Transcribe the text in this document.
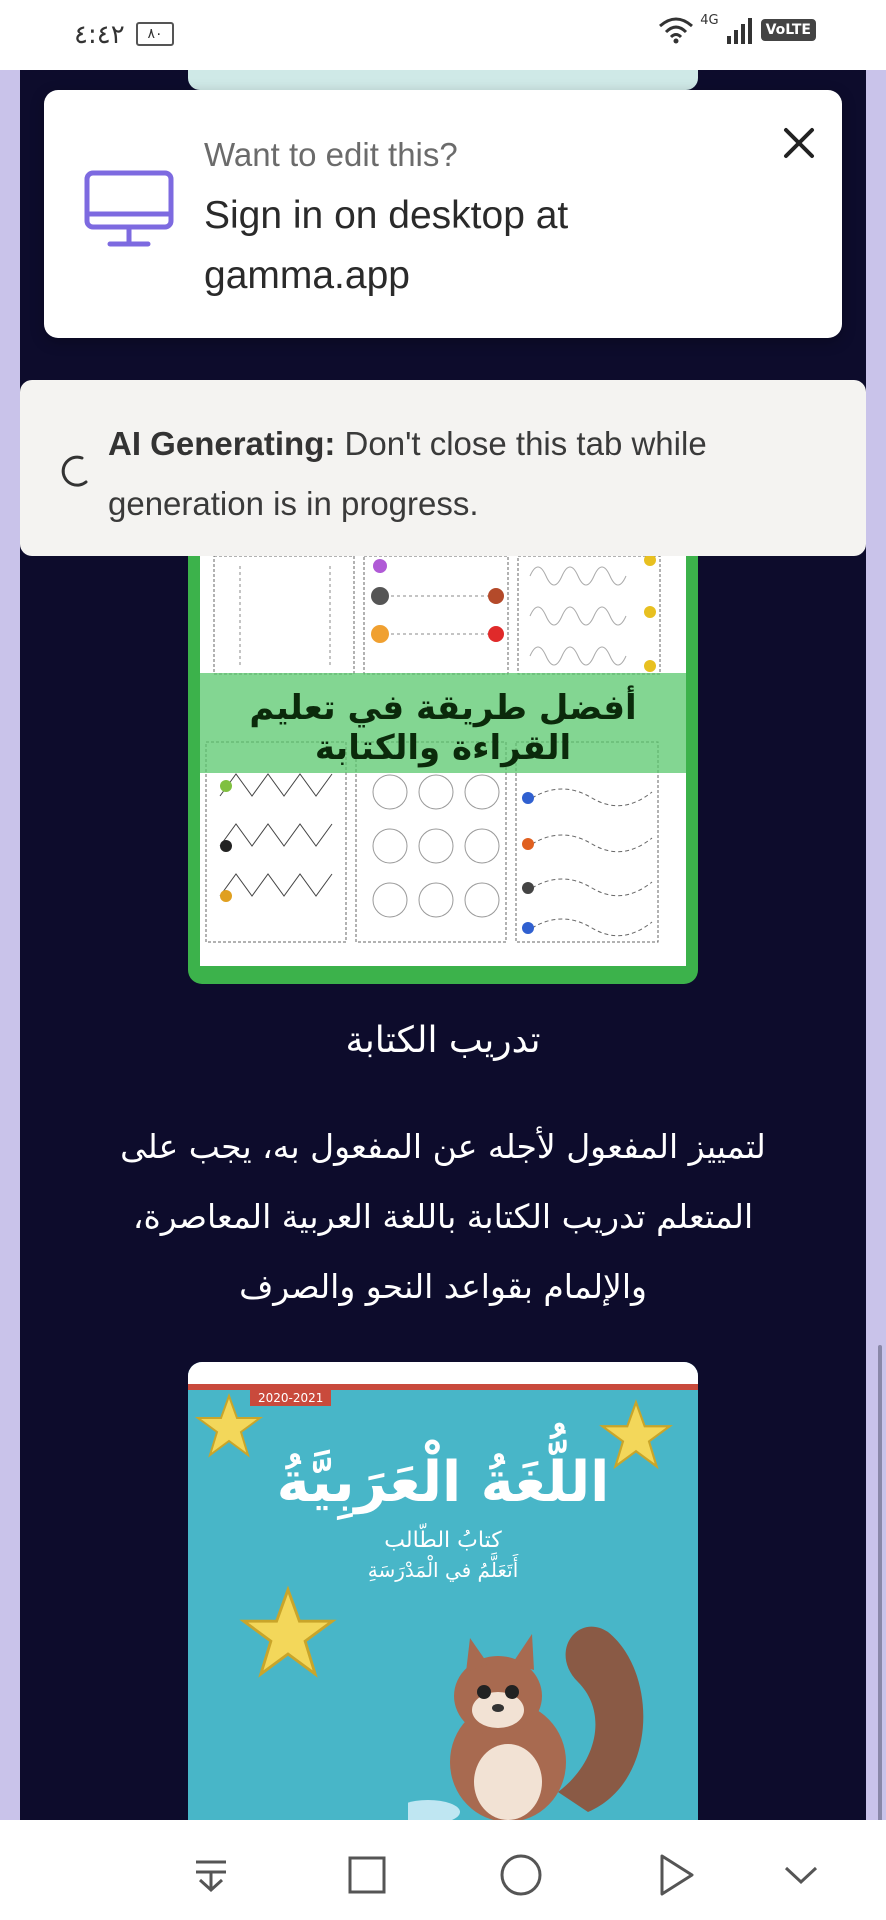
٤:٤٢	٨٠
4G
VoLTE
Want to edit this?
Sign in on desktop at gamma.app
AI Generating: Don't close this tab while generation is in progress.
أفضل طريقة في تعليم القراءة والكتابة
تدريب الكتابة
لتمييز المفعول لأجله عن المفعول به، يجب على المتعلم تدريب الكتابة باللغة العربية المعاصرة، والإلمام بقواعد النحو والصرف
2020-2021
اللُّغَةُ الْعَرَبِيَّةُ
كتابُ الطّالب
أَتَعَلَّمُ في الْمَدْرَسَةِ
